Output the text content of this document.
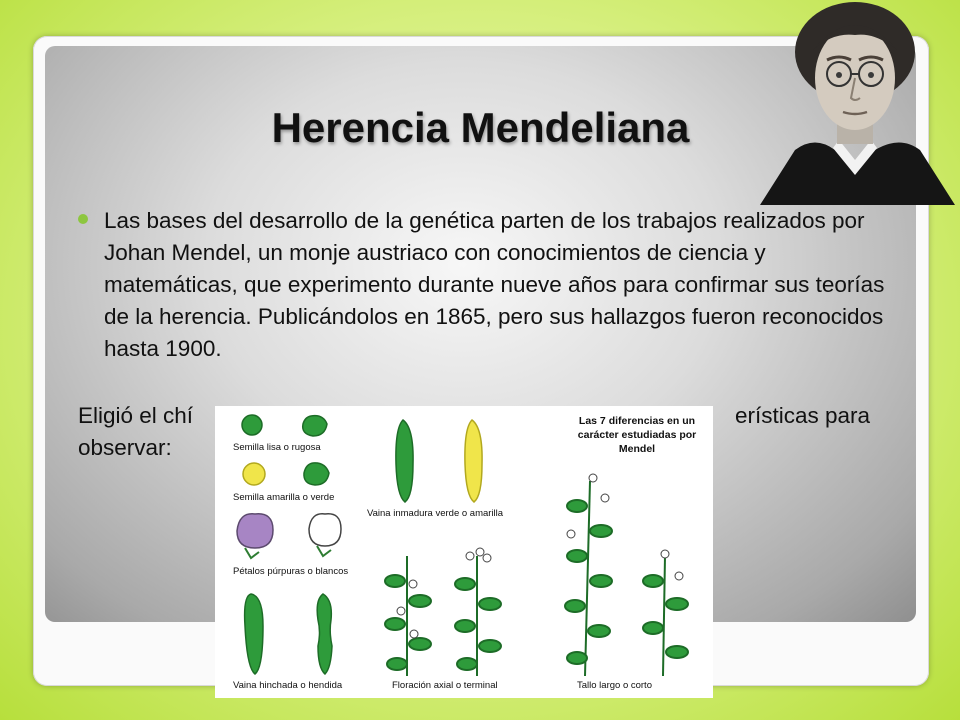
Herencia Mendeliana

Las bases del desarrollo de la genética parten de los trabajos realizados por Johan Mendel, un monje austriaco con conocimientos de ciencia y matemáticas, que experimento durante nueve años para confirmar sus teorías de la herencia. Publicándolos en 1865, pero sus hallazgos fueron reconocidos hasta 1900.

Eligió el chí	erísticas para
observar:
Las 7 diferencias en un
carácter estudiadas por
Mendel
Semilla lisa o rugosa
Semilla amarilla o verde
Pétalos púrpuras o blancos
Vaina hinchada o hendida
Vaina inmadura verde o amarilla
Floración axial o terminal	Tallo largo o corto
